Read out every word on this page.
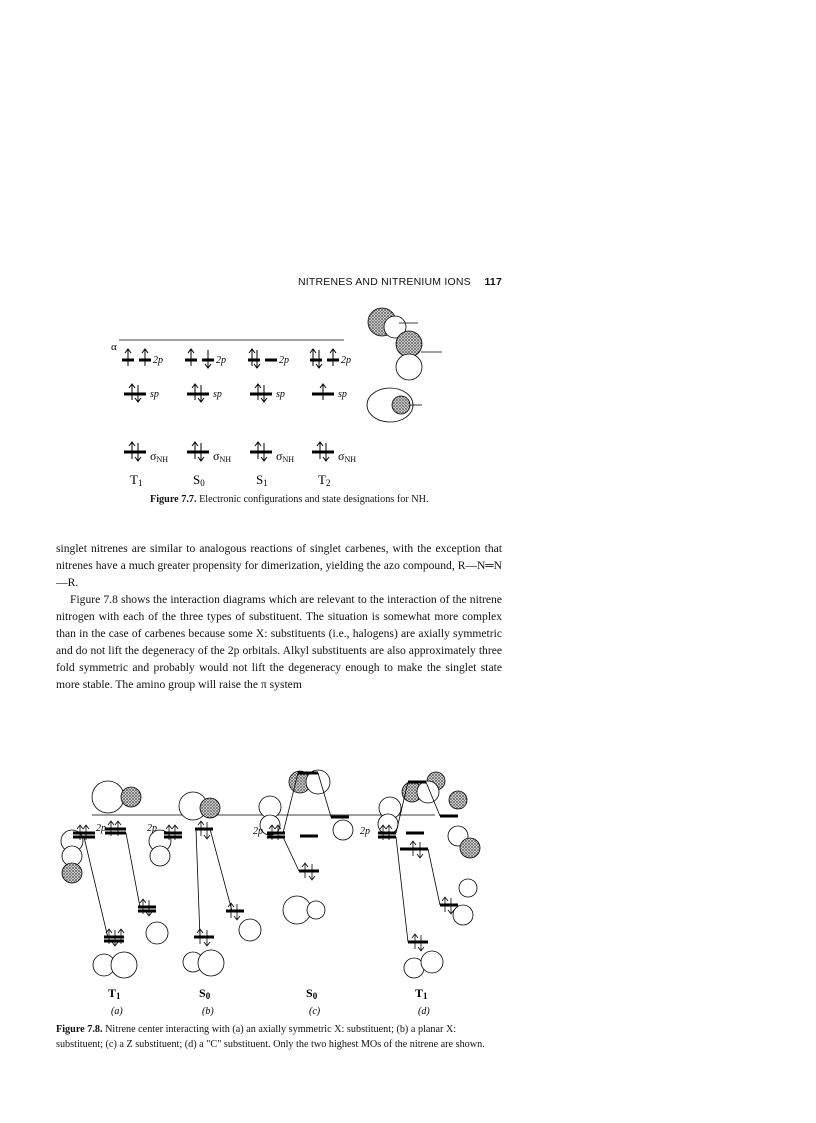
NITRENES AND NITRENIUM IONS 117
α
2p	2p	2p	2p
sp	sp	sp	sp
σNH	σNH	σNH	σNH
T1	S0	S1	T2
Figure 7.7. Electronic configurations and state designations for NH.

singlet nitrenes are similar to analogous reactions of singlet carbenes, with the exception that nitrenes have a much greater propensity for dimerization, yielding the azo compound, R—N═N—R.

Figure 7.8 shows the interaction diagrams which are relevant to the interaction of the nitrene nitrogen with each of the three types of substituent. The situation is somewhat more complex than in the case of carbenes because some X: substituents (i.e., halogens) are axially symmetric and do not lift the degeneracy of the 2p orbitals. Alkyl substituents are also approximately three fold symmetric and probably would not lift the degeneracy enough to make the singlet state more stable. The amino group will raise the π system

2p	2p	2p	2p
T1	S0	S0	T1
(a)	(b)	(c)	(d)
Figure 7.8. Nitrene center interacting with (a) an axially symmetric X: substituent; (b) a planar X: substituent; (c) a Z substituent; (d) a "C" substituent. Only the two highest MOs of the nitrene are shown.
